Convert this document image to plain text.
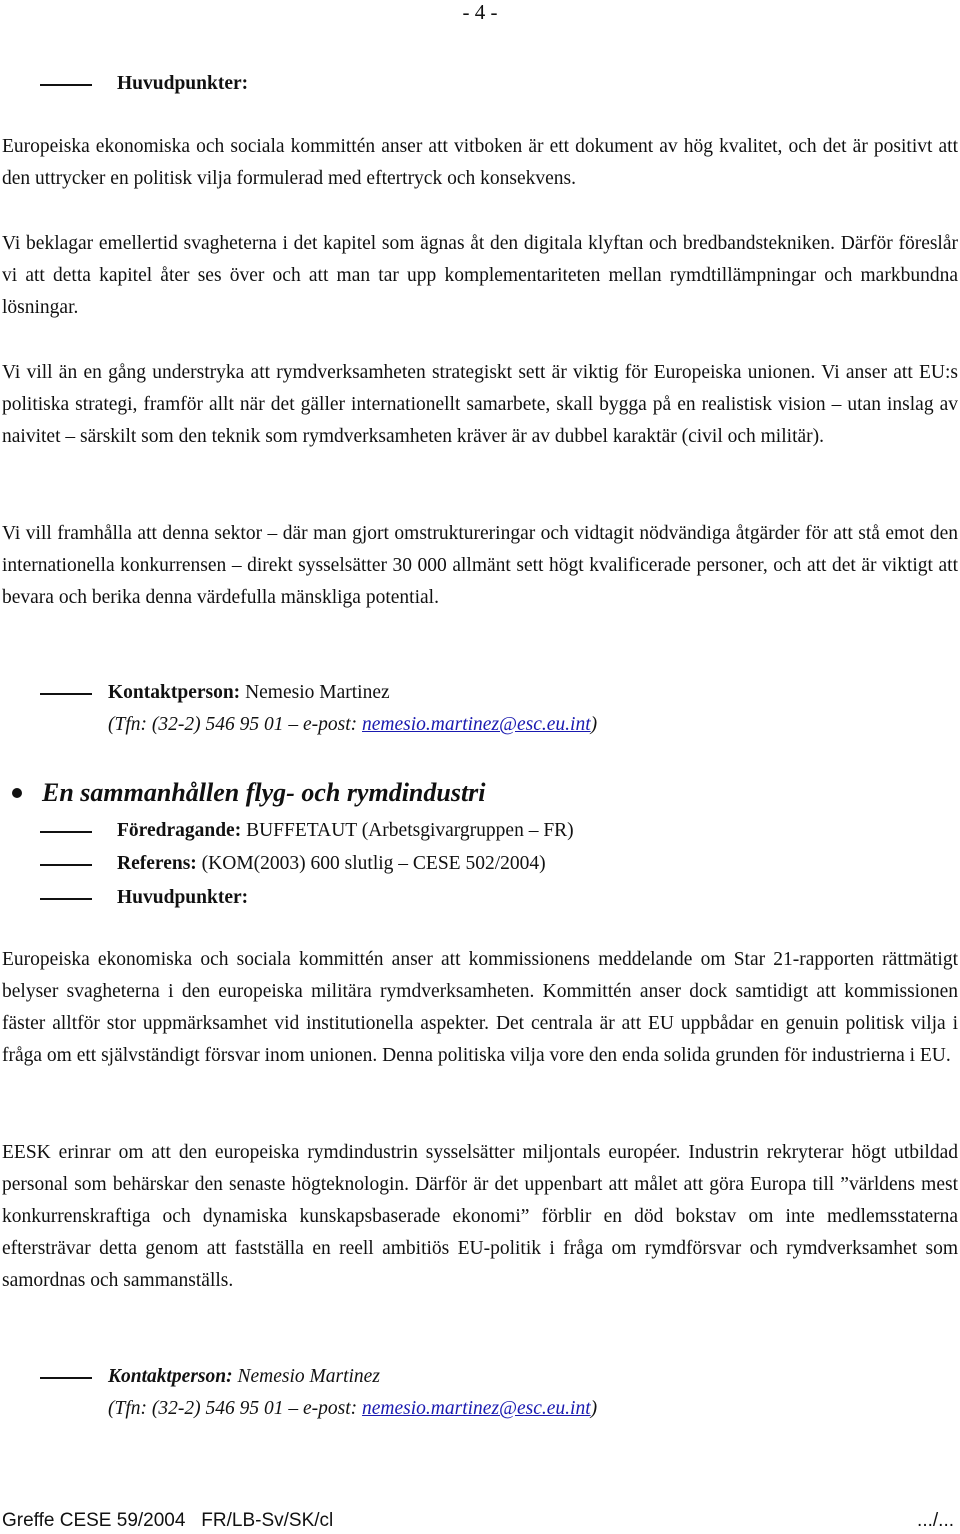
- 4 -
Huvudpunkter:

Europeiska ekonomiska och sociala kommittén anser att vitboken är ett dokument av hög kvalitet, och det är positivt att den uttrycker en politisk vilja formulerad med eftertryck och konsekvens.

Vi beklagar emellertid svagheterna i det kapitel som ägnas åt den digitala klyftan och bredbandstekniken. Därför föreslår vi att detta kapitel åter ses över och att man tar upp komplementariteten mellan rymdtillämpningar och markbundna lösningar.

Vi vill än en gång understryka att rymdverksamheten strategiskt sett är viktig för Europeiska unionen. Vi anser att EU:s politiska strategi, framför allt när det gäller internationellt samarbete, skall bygga på en realistisk vision – utan inslag av naivitet – särskilt som den teknik som rymdverksamheten kräver är av dubbel karaktär (civil och militär).

Vi vill framhålla att denna sektor – där man gjort omstruktureringar och vidtagit nödvändiga åtgärder för att stå emot den internationella konkurrensen – direkt sysselsätter 30 000 allmänt sett högt kvalificerade personer, och att det är viktigt att bevara och berika denna värdefulla mänskliga potential.

Kontaktperson: Nemesio Martinez
(Tfn: (32-2) 546 95 01 – e-post: nemesio.martinez@esc.eu.int)
En sammanhållen flyg- och rymdindustri
Föredragande: BUFFETAUT (Arbetsgivargruppen – FR)
Referens: (KOM(2003) 600 slutlig – CESE 502/2004)
Huvudpunkter:

Europeiska ekonomiska och sociala kommittén anser att kommissionens meddelande om Star 21-rapporten rättmätigt belyser svagheterna i den europeiska militära rymdverksamheten. Kommittén anser dock samtidigt att kommissionen fäster alltför stor uppmärksamhet vid institutionella aspekter. Det centrala är att EU uppbådar en genuin politisk vilja i fråga om ett självständigt försvar inom unionen. Denna politiska vilja vore den enda solida grunden för industrierna i EU.

EESK erinrar om att den europeiska rymdindustrin sysselsätter miljontals européer. Industrin rekryterar högt utbildad personal som behärskar den senaste högteknologin. Därför är det uppenbart att målet att göra Europa till ”världens mest konkurrenskraftiga och dynamiska kunskapsbaserade ekonomi” förblir en död bokstav om inte medlemsstaterna eftersträvar detta genom att fastställa en reell ambitiös EU-politik i fråga om rymdförsvar och rymdverksamhet som samordnas och sammanställs.

Kontaktperson: Nemesio Martinez
(Tfn: (32-2) 546 95 01 – e-post: nemesio.martinez@esc.eu.int)
Greffe CESE 59/2004   FR/LB-Sv/SK/cl	.../...
